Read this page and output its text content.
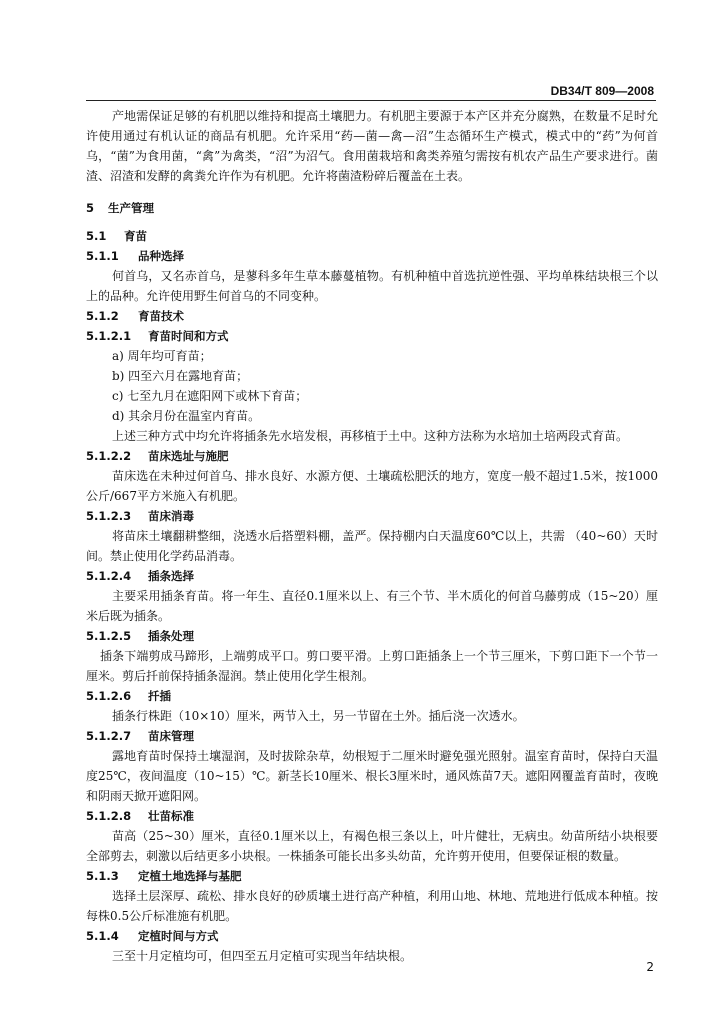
DB34/T 809—2008

产地需保证足够的有机肥以维持和提高土壤肥力。有机肥主要源于本产区并充分腐熟，在数量不足时允许使用通过有机认证的商品有机肥。允许采用“药—菌—禽—沼”生态循环生产模式，模式中的“药”为何首乌，“菌”为食用菌，“禽”为禽类，“沼”为沼气。食用菌栽培和禽类养殖匀需按有机农产品生产要求进行。菌渣、沼渣和发酵的禽粪允许作为有机肥。允许将菌渣粉碎后覆盖在土表。

5 生产管理

5.1 育苗

5.1.1 品种选择

何首乌，又名赤首乌，是蓼科多年生草本藤蔓植物。有机种植中首选抗逆性强、平均单株结块根三个以上的品种。允许使用野生何首乌的不同变种。

5.1.2 育苗技术

5.1.2.1 育苗时间和方式

a) 周年均可育苗；

b) 四至六月在露地育苗；

c) 七至九月在遮阳网下或林下育苗；

d) 其余月份在温室内育苗。

上述三种方式中均允许将插条先水培发根，再移植于土中。这种方法称为水培加土培两段式育苗。

5.1.2.2 苗床选址与施肥

苗床选在未种过何首乌、排水良好、水源方便、土壤疏松肥沃的地方，宽度一般不超过1.5米，按1000公斤/667平方米施入有机肥。

5.1.2.3 苗床消毒

将苗床土壤翻耕整细，浇透水后搭塑料棚，盖严。保持棚内白天温度60℃以上，共需 （40~60）天时间。禁止使用化学药品消毒。

5.1.2.4 插条选择

主要采用插条育苗。将一年生、直径0.1厘米以上、有三个节、半木质化的何首乌藤剪成（15~20）厘米后既为插条。

5.1.2.5 插条处理

插条下端剪成马蹄形，上端剪成平口。剪口要平滑。上剪口距插条上一个节三厘米，下剪口距下一个节一厘米。剪后扦前保持插条湿润。禁止使用化学生根剂。

5.1.2.6 扦插

插条行株距（10×10）厘米，两节入土，另一节留在土外。插后浇一次透水。

5.1.2.7 苗床管理

露地育苗时保持土壤湿润，及时拔除杂草，幼根短于二厘米时避免强光照射。温室育苗时，保持白天温度25℃，夜间温度（10~15）℃。新茎长10厘米、根长3厘米时，通风炼苗7天。遮阳网覆盖育苗时，夜晚和阴雨天掀开遮阳网。

5.1.2.8 壮苗标准

苗高（25~30）厘米，直径0.1厘米以上，有褐色根三条以上，叶片健壮，无病虫。幼苗所结小块根要全部剪去，刺激以后结更多小块根。一株插条可能长出多头幼苗，允许剪开使用，但要保证根的数量。

5.1.3 定植土地选择与基肥

选择土层深厚、疏松、排水良好的砂质壤土进行高产种植，利用山地、林地、荒地进行低成本种植。按每株0.5公斤标准施有机肥。

5.1.4 定植时间与方式

三至十月定植均可，但四至五月定植可实现当年结块根。

2
